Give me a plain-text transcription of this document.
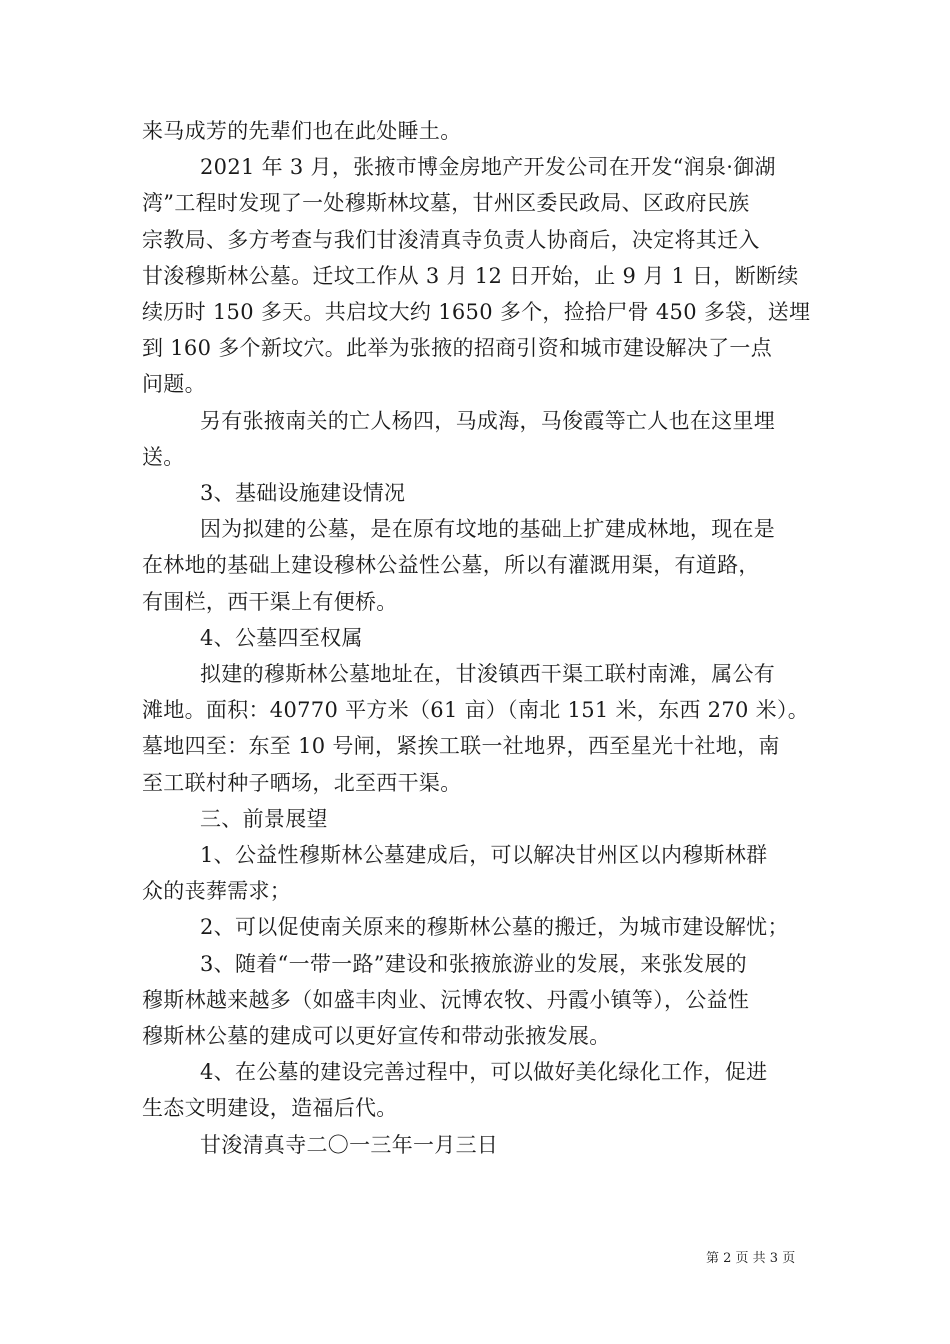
来马成芳的先辈们也在此处睡土。

2021 年 3 月，张掖市博金房地产开发公司在开发“润泉·御湖

湾”工程时发现了一处穆斯林坟墓，甘州区委民政局、区政府民族

宗教局、多方考查与我们甘浚清真寺负责人协商后，决定将其迁入

甘浚穆斯林公墓。迁坟工作从 3 月 12 日开始，止 9 月 1 日，断断续

续历时 150 多天。共启坟大约 1650 多个，捡拾尸骨 450 多袋，送埋

到 160 多个新坟穴。此举为张掖的招商引资和城市建设解决了一点

问题。

另有张掖南关的亡人杨四，马成海，马俊霞等亡人也在这里埋

送。

3、基础设施建设情况

因为拟建的公墓，是在原有坟地的基础上扩建成林地，现在是

在林地的基础上建设穆林公益性公墓，所以有灌溉用渠，有道路，

有围栏，西干渠上有便桥。

4、公墓四至权属

拟建的穆斯林公墓地址在，甘浚镇西干渠工联村南滩，属公有

滩地。面积：40770 平方米（61 亩）（南北 151 米，东西 270 米）。

墓地四至：东至 10 号闸，紧挨工联一社地界，西至星光十社地，南

至工联村种子晒场，北至西干渠。

三、前景展望

1、公益性穆斯林公墓建成后，可以解决甘州区以内穆斯林群

众的丧葬需求；

2、可以促使南关原来的穆斯林公墓的搬迁，为城市建设解忧；

3、随着“一带一路”建设和张掖旅游业的发展，来张发展的

穆斯林越来越多（如盛丰肉业、沅博农牧、丹霞小镇等），公益性

穆斯林公墓的建成可以更好宣传和带动张掖发展。

4、在公墓的建设完善过程中，可以做好美化绿化工作，促进

生态文明建设，造福后代。

甘浚清真寺二〇一三年一月三日

第 2 页 共 3 页
